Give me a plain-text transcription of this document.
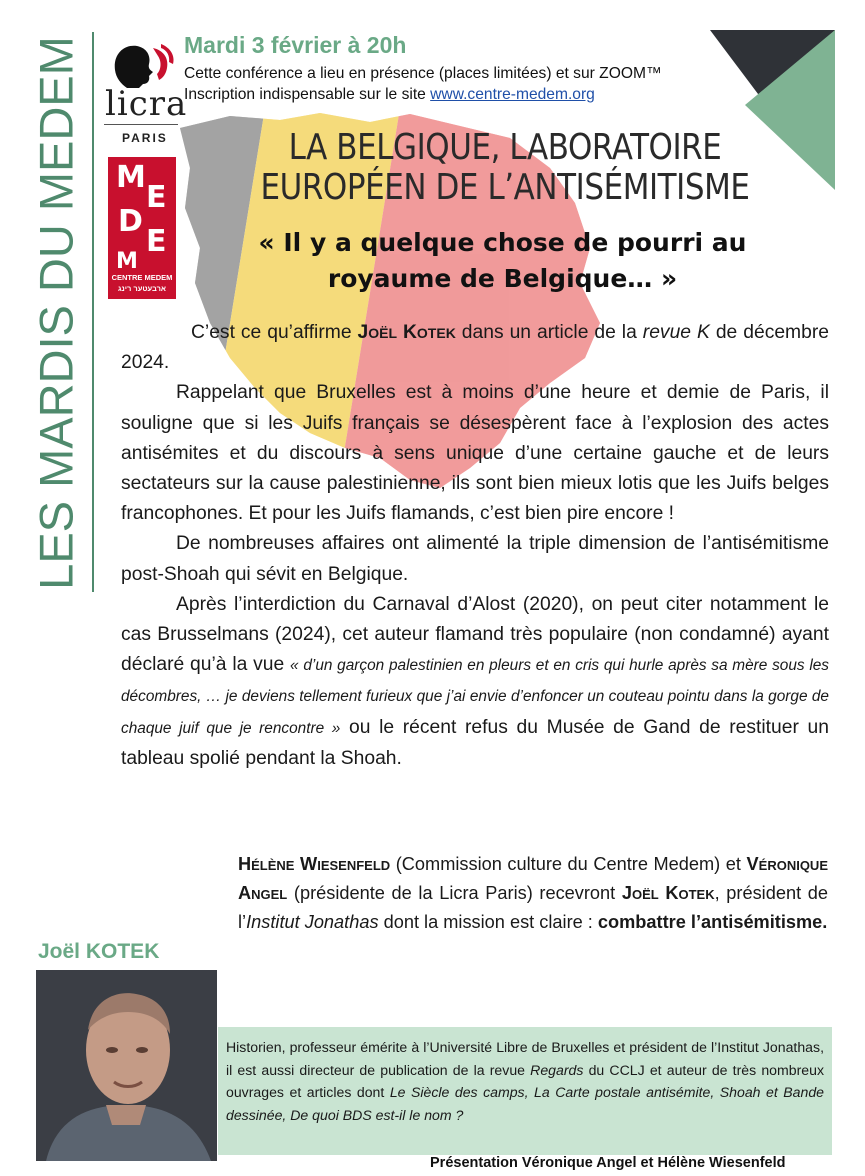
LES MARDIS DU MEDEM licra
PARIS
M
E
D
E
M
CENTRE MEDEM
ארבעטער רינג
Mardi 3 février à 20h
Cette conférence a lieu en présence (places limitées) et sur ZOOM™
Inscription indispensable sur le site www.centre-medem.org
LA BELGIQUE, LABORATOIRE
EUROPÉEN DE L’ANTISÉMITISME
« Il y a quelque chose de pourri au
royaume de Belgique… »

C’est ce qu’affirme Joël Kotek dans un article de la revue K de décembre 2024.

Rappelant que Bruxelles est à moins d’une heure et demie de Paris, il souligne que si les Juifs français se désespèrent face à l’explosion des actes antisémites et du discours à sens unique d’une certaine gauche et de leurs sectateurs sur la cause palestinienne, ils sont bien mieux lotis que les Juifs belges francophones. Et pour les Juifs flamands, c’est bien pire encore !

De nombreuses affaires ont alimenté la triple dimension de l’antisémitisme post-Shoah qui sévit en Belgique.

Après l’interdiction du Carnaval d’Alost (2020), on peut citer notamment le cas Brusselmans (2024), cet auteur flamand très populaire (non condamné) ayant déclaré qu’à la vue « d’un garçon palestinien en pleurs et en cris qui hurle après sa mère sous les décombres, … je deviens tellement furieux que j’ai envie d’enfoncer un couteau pointu dans la gorge de chaque juif que je rencontre » ou le récent refus du Musée de Gand de restituer un tableau spolié pendant la Shoah.

Hélène Wiesenfeld (Commission culture du Centre Medem) et Véronique Angel (présidente de la Licra Paris) recevront Joël Kotek, président de l’Institut Jonathas dont la mission est claire : combattre l’antisémitisme.
Joël KOTEK
Historien, professeur émérite à l’Université Libre de Bruxelles et président de l’Institut Jonathas, il est aussi directeur de publication de la revue Regards du CCLJ et auteur de très nombreux ouvrages et articles dont Le Siècle des camps, La Carte postale antisémite, Shoah et Bande dessinée, De quoi BDS est-il le nom ?
Présentation Véronique Angel et Hélène Wiesenfeld
